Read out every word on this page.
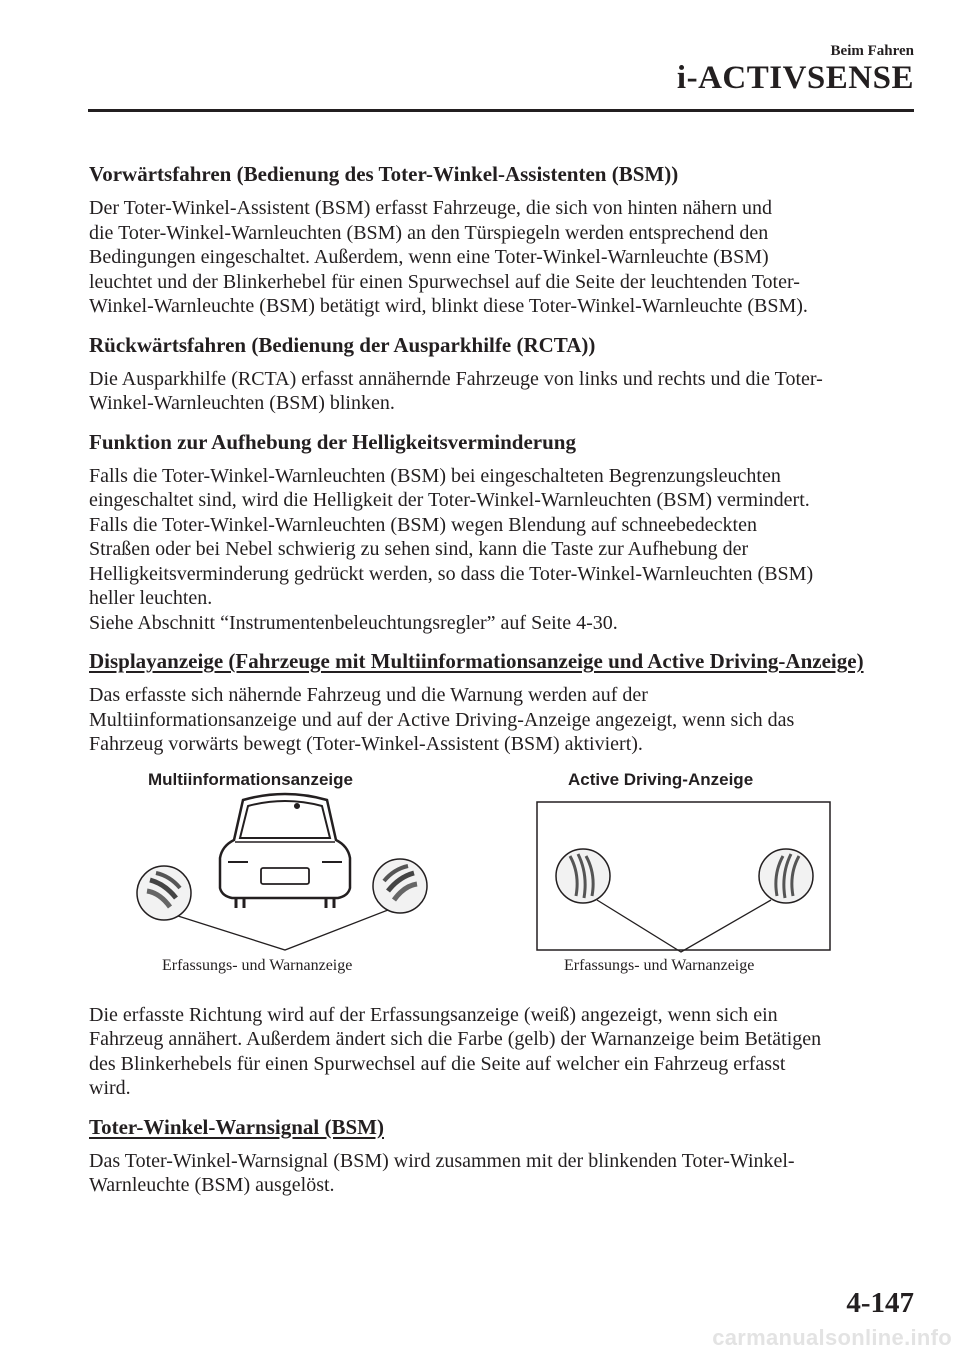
Beim Fahren
i-ACTIVSENSE
Vorwärtsfahren (Bedienung des Toter-Winkel-Assistenten (BSM))
Der Toter-Winkel-Assistent (BSM) erfasst Fahrzeuge, die sich von hinten nähern und
die Toter-Winkel-Warnleuchten (BSM) an den Türspiegeln werden entsprechend den
Bedingungen eingeschaltet. Außerdem, wenn eine Toter-Winkel-Warnleuchte (BSM)
leuchtet und der Blinkerhebel für einen Spurwechsel auf die Seite der leuchtenden Toter-
Winkel-Warnleuchte (BSM) betätigt wird, blinkt diese Toter-Winkel-Warnleuchte (BSM).
Rückwärtsfahren (Bedienung der Ausparkhilfe (RCTA))
Die Ausparkhilfe (RCTA) erfasst annähernde Fahrzeuge von links und rechts und die Toter-
Winkel-Warnleuchten (BSM) blinken.
Funktion zur Aufhebung der Helligkeitsverminderung
Falls die Toter-Winkel-Warnleuchten (BSM) bei eingeschalteten Begrenzungsleuchten
eingeschaltet sind, wird die Helligkeit der Toter-Winkel-Warnleuchten (BSM) vermindert.
Falls die Toter-Winkel-Warnleuchten (BSM) wegen Blendung auf schneebedeckten
Straßen oder bei Nebel schwierig zu sehen sind, kann die Taste zur Aufhebung der
Helligkeitsverminderung gedrückt werden, so dass die Toter-Winkel-Warnleuchten (BSM)
heller leuchten.
Siehe Abschnitt “Instrumentenbeleuchtungsregler” auf Seite 4-30.
Displayanzeige (Fahrzeuge mit Multiinformationsanzeige und Active Driving-Anzeige)
Das erfasste sich nähernde Fahrzeug und die Warnung werden auf der
Multiinformationsanzeige und auf der Active Driving-Anzeige angezeigt, wenn sich das
Fahrzeug vorwärts bewegt (Toter-Winkel-Assistent (BSM) aktiviert).
Multiinformationsanzeige	Active Driving-Anzeige
Erfassungs- und Warnanzeige	Erfassungs- und Warnanzeige
Die erfasste Richtung wird auf der Erfassungsanzeige (weiß) angezeigt, wenn sich ein
Fahrzeug annähert. Außerdem ändert sich die Farbe (gelb) der Warnanzeige beim Betätigen
des Blinkerhebels für einen Spurwechsel auf die Seite auf welcher ein Fahrzeug erfasst
wird.
Toter-Winkel-Warnsignal (BSM)
Das Toter-Winkel-Warnsignal (BSM) wird zusammen mit der blinkenden Toter-Winkel-
Warnleuchte (BSM) ausgelöst.
4-147
carmanualsonline.info
